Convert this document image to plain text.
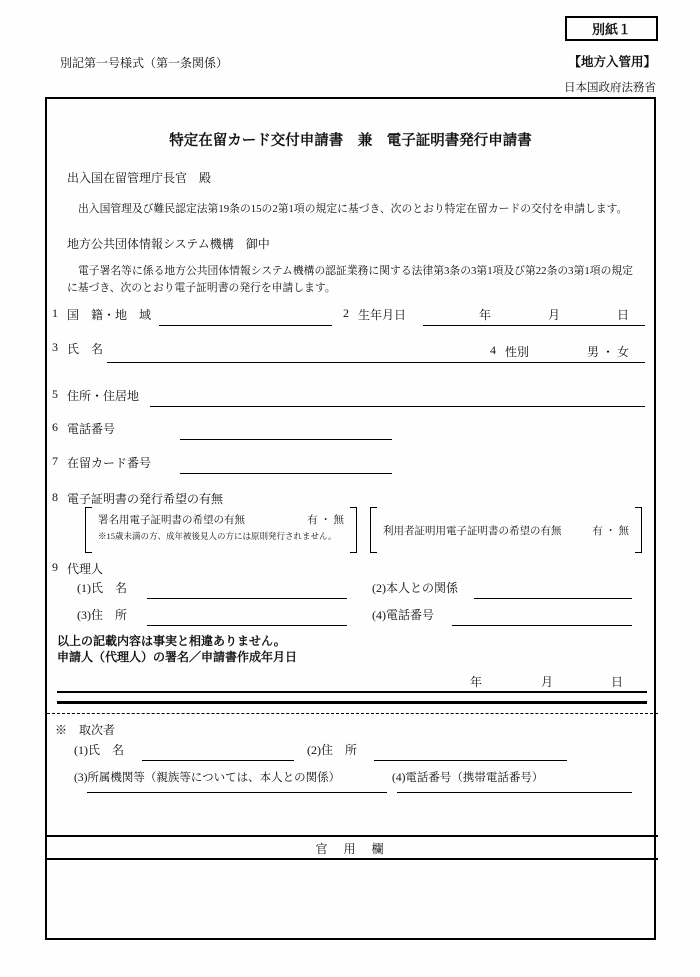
別紙１
別記第一号様式（第一条関係）	【地方入管用】
日本国政府法務省
特定在留カード交付申請書　兼　電子証明書発行申請書
出入国在留管理庁長官　殿
出入国管理及び難民認定法第19条の15の2第1項の規定に基づき、次のとおり特定在留カードの交付を申請します。
地方公共団体情報システム機構　御中
電子署名等に係る地方公共団体情報システム機構の認証業務に関する法律第3条の3第1項及び第22条の3第1項の規定に基づき、次のとおり電子証明書の発行を申請します。
1 国　籍・地　域	2 生年月日	年	月	日
3 氏　名	4 性別	男 ・ 女
5 住所・住居地
6 電話番号
7 在留カード番号
8 電子証明書の発行希望の有無
署名用電子証明書の希望の有無	有 ・ 無
※15歳未満の方、成年被後見人の方には原則発行されません。	利用者証明用電子証明書の希望の有無	有 ・ 無
9 代理人
(1)氏　名	(2)本人との関係
(3)住　所	(4)電話番号
以上の記載内容は事実と相違ありません。
申請人（代理人）の署名／申請書作成年月日
年	月	日
※　取次者
(1)氏　名	(2)住　所
(3)所属機関等（親族等については、本人との関係）	(4)電話番号（携帯電話番号）
官　用　欄
